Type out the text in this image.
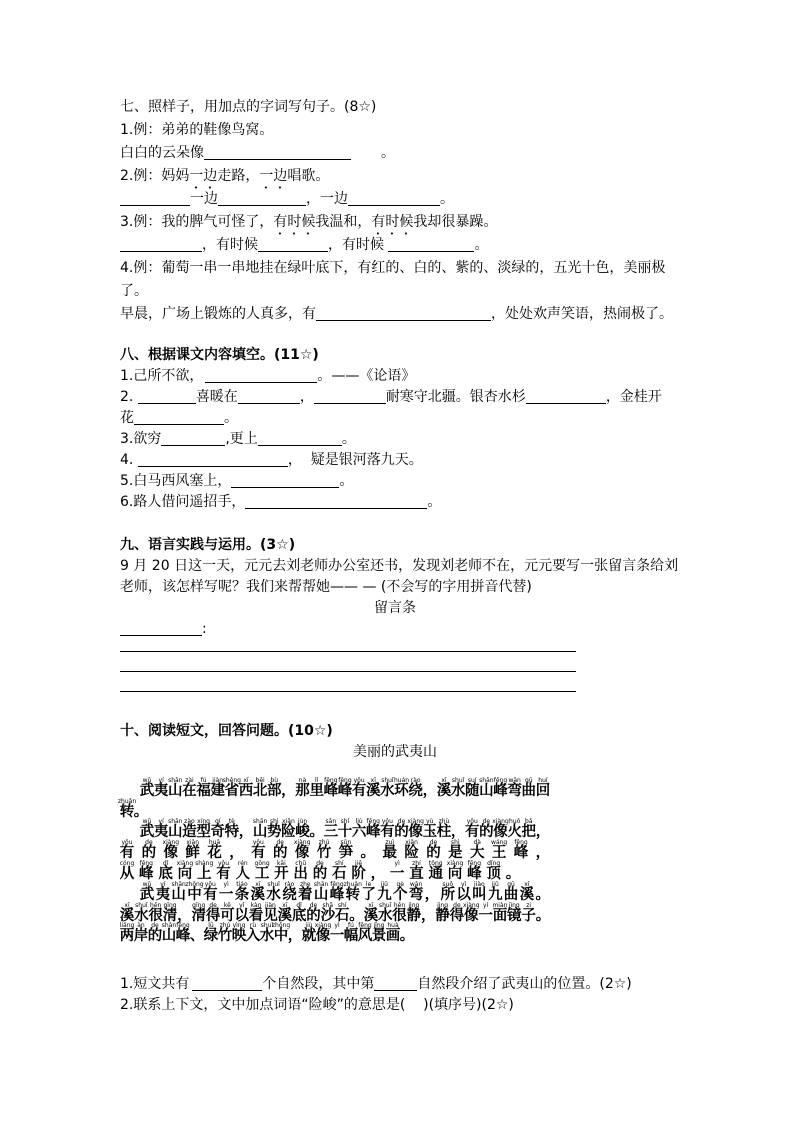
七、照样子，用加点的字词写句子。(8☆)
1.例：弟弟的鞋像鸟窝。
白白的云朵像	。
2.例：妈妈 一边 走路， 一边 唱歌。
一边	，一边	。
3.例：我的脾气可怪了， 有时候 我温和， 有时候 我却很暴躁。
，有时候	，有时候	。
4.例：葡萄一串一串地挂在绿叶底下，有红的、白的、紫的、淡绿的，五光十色，美丽极
了。
早晨，广场上锻炼的人真多，有	，处处欢声笑语，热闹极了。
八、根据课文内容填空。(11☆)
1.己所不欲，	。——《论语》
2.	喜暖在	，	耐寒守北疆。银杏水杉	，金桂开
花	。
3.欲穷	,更上	。
4.	，  疑是银河落九天。
5.白马西风塞上，	。
6.路人借问遥招手，	。
九、语言实践与运用。(3☆)
9 月 20 日这一天，元元去刘老师办公室还书，发现刘老师不在，元元要写一张留言条给刘
老师，该怎样写呢？我们来帮帮她—— — (不会写的字用拼音代替)
留言条
:
十、阅读短文，回答问题。(10☆)
美丽的武夷山
wǔ
武
yí
夷
shān
山
zài
在
fú
福
jiàn
建
shěng
省
xī
西
běi
北
bù
部 ，
nà
那
lǐ
里
fēng
峰
fēng
峰
yǒu
有
xī
溪
shuǐ
水
huán
环
rào
绕 ，
xī
溪
shuǐ
水
suí
随
shān
山
fēng
峰
wān
弯
qū
曲
huí
回
zhuǎn
转 。
wǔ
武
yí
夷
shān
山
zào
造
xíng
型
qí
奇
tè
特 ，
shān
山
shì
势
xiǎn
险
jùn
峻 。
sān
三
shí
十
liù
六
fēng
峰
yǒu
有
de
的
xiàng
像
yù
玉
zhù
柱 ，
yǒu
有
de
的
xiàng
像
huǒ
火
bǎ
把 ，
yǒu
有
de
的
xiàng
像
xiān
鲜
huā
花 ，
yǒu
有
de
的
xiàng
像
zhú
竹
sǔn
笋 。
zuì
最
xiǎn
险
de
的
shì
是
dà
大
wáng
王
fēng
峰 ，
cóng
从
fēng
峰
dǐ
底
xiàng
向
shàng
上
yǒu
有
rén
人
gōng
工
kāi
开
chū
出
de
的
shí
石
jiē
阶 ，
yì
一
zhí
直
tōng
通
xiàng
向
fēng
峰
dǐng
顶 。
wǔ
武
yí
夷
shān
山
zhōng
中
yǒu
有
yì
一
tiáo
条
xī
溪
shuǐ
水
rào
绕
zhe
着
shān
山
fēng
峰
zhuǎn
转
le
了
jiǔ
九
gè
个
wān
弯 ，
suǒ
所
yǐ
以
jiào
叫
jiǔ
九
qū
曲
xī
溪 。
xī
溪
shuǐ
水
hěn
很
qīng
清 ，
qīng
清
de
得
kě
可
yǐ
以
kàn
看
jiàn
见
xī
溪
dǐ
底
de
的
shā
沙
shí
石 。
xī
溪
shuǐ
水
hěn
很
jìng
静 ，
jìng
静
de
得
xiàng
像
yí
一
miàn
面
jìng
镜
zi
子 。
liǎng
两
àn
岸
de
的
shān
山
fēng
峰 、
lǜ
绿
zhú
竹
yìng
映
rù
入
shuǐ
水
zhōng
中 ，
jiù
就
xiàng
像
yì
一
fú
幅
fēng
风
jǐng
景
huà
画 。
1.短文共有	个自然段，其中第	自然段介绍了武夷山的位置。(2☆)
2.联系上下文，文中加点词语“险峻”的意思是(    )(填序号)(2☆)
